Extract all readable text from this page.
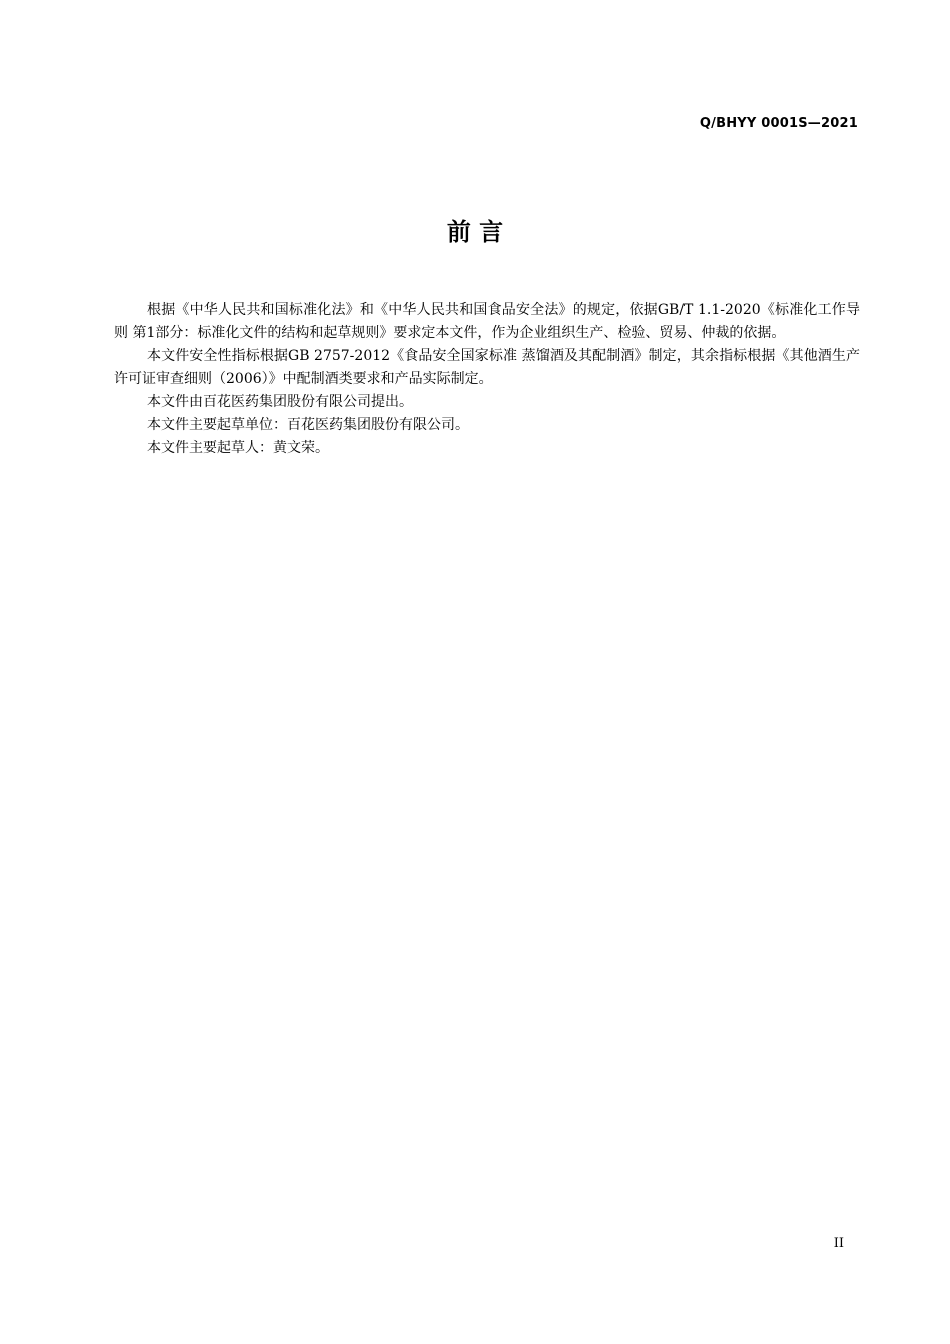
Q/BHYY 0001S—2021
前 言

根据《中华人民共和国标准化法》和《中华人民共和国食品安全法》的规定，依据GB/T 1.1-2020《标准化工作导则 第1部分：标准化文件的结构和起草规则》要求定本文件，作为企业组织生产、检验、贸易、仲裁的依据。

本文件安全性指标根据GB 2757-2012《食品安全国家标准 蒸馏酒及其配制酒》制定，其余指标根据《其他酒生产许可证审查细则（2006）》中配制酒类要求和产品实际制定。

本文件由百花医药集团股份有限公司提出。

本文件主要起草单位：百花医药集团股份有限公司。

本文件主要起草人：黄文荣。

II
